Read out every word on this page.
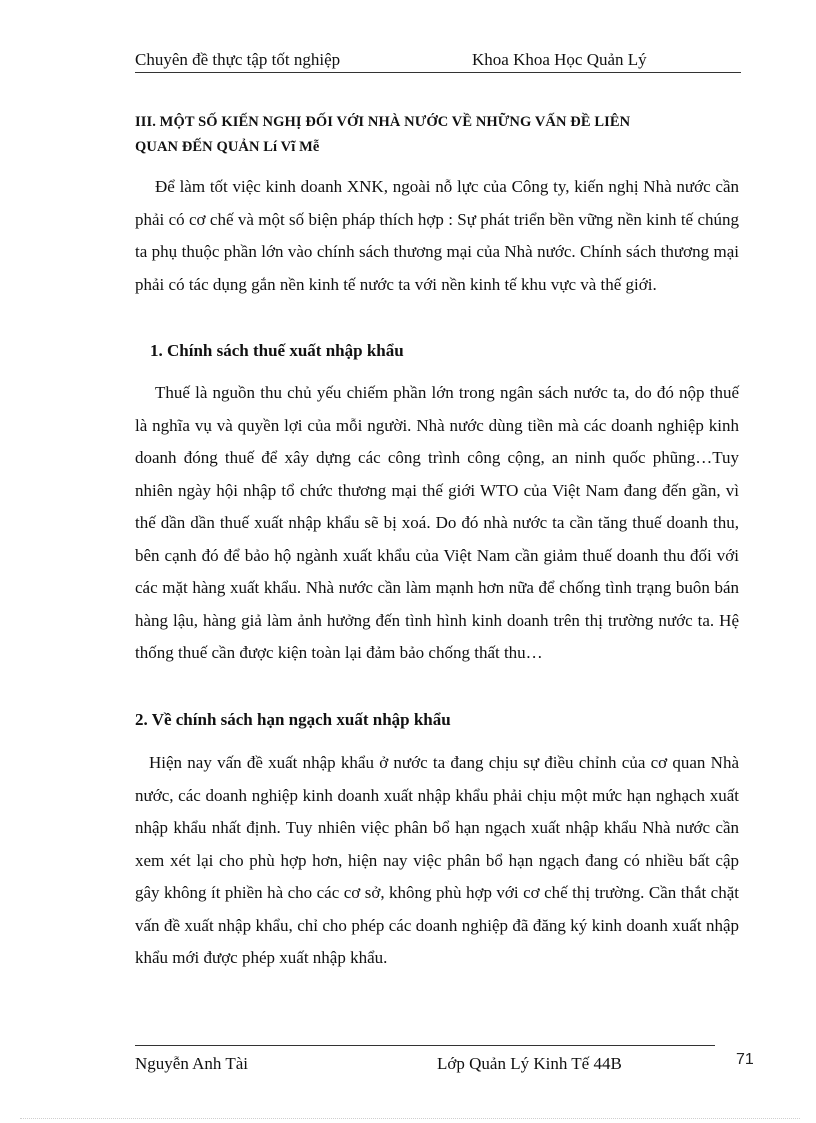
Chuyên đề thực tập tốt nghiệp	Khoa Khoa Học Quản Lý
III. MỘT SỐ KIẾN NGHỊ ĐỐI VỚI NHÀ NƯỚC VỀ NHỮNG VẤN ĐỀ LIÊN
QUAN ĐẾN QUẢN Lí Vĩ Mễ
Để làm tốt việc kinh doanh XNK, ngoài nỗ lực của Công ty, kiến nghị Nhà nước cần phải có cơ chế và một số biện pháp thích hợp : Sự phát triển bền vững nền kinh tế chúng ta phụ thuộc phần lớn vào chính sách thương mại của Nhà nước. Chính sách thương mại phải có tác dụng gắn nền kinh tế nước ta với nền kinh tế khu vực và thế giới.
1. Chính sách thuế xuất nhập khẩu
Thuế là nguồn thu chủ yếu chiếm phần lớn trong ngân sách nước ta, do đó nộp thuế là nghĩa vụ và quyền lợi của mỗi người. Nhà nước dùng tiền mà các doanh nghiệp kinh doanh đóng thuế để xây dựng các công trình công cộng, an ninh quốc phũng…Tuy nhiên ngày hội nhập tổ chức thương mại thế giới WTO của Việt Nam đang đến gần, vì thế dần dần thuế xuất nhập khẩu sẽ bị xoá. Do đó nhà nước ta cần tăng thuế doanh thu, bên cạnh đó để bảo hộ ngành xuất khẩu của Việt Nam cần giảm thuế doanh thu đối với các mặt hàng xuất khẩu. Nhà nước cần làm mạnh hơn nữa để chống tình trạng buôn bán hàng lậu, hàng giả làm ảnh hưởng đến tình hình kinh doanh trên thị trường nước ta. Hệ thống thuế cần được kiện toàn lại đảm bảo chống thất thu…
2. Về chính sách hạn ngạch xuất nhập khẩu
Hiện nay vấn đề xuất nhập khẩu ở nước ta đang chịu sự điều chỉnh của cơ quan Nhà nước, các doanh nghiệp kinh doanh xuất nhập khẩu phải chịu một mức hạn nghạch xuất nhập khẩu nhất định. Tuy nhiên việc phân bổ hạn ngạch xuất nhập khẩu Nhà nước cần xem xét lại cho phù hợp hơn, hiện nay việc phân bổ hạn ngạch đang có nhiều bất cập gây không ít phiền hà cho các cơ sở, không phù hợp với cơ chế thị trường. Cần thắt chặt vấn đề xuất nhập khẩu, chỉ cho phép các doanh nghiệp đã đăng ký kinh doanh xuất nhập khẩu mới được phép xuất nhập khẩu.
Nguyễn Anh Tài	Lớp Quản Lý Kinh Tế 44B	71
